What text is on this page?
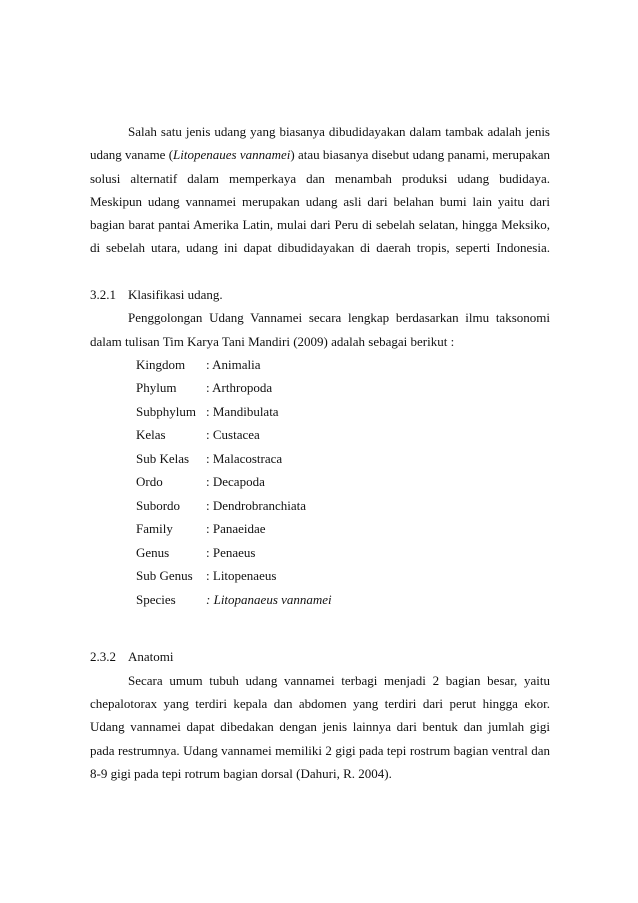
Salah satu jenis udang yang biasanya dibudidayakan dalam tambak adalah jenis
udang vaname (Litopenaues vannamei) atau biasanya disebut udang panami, merupakan
solusi alternatif dalam memperkaya dan menambah produksi udang budidaya.
Meskipun udang vannamei merupakan udang asli dari belahan bumi lain yaitu dari
bagian barat pantai Amerika Latin, mulai dari Peru di sebelah selatan, hingga Meksiko,
di sebelah utara, udang ini dapat dibudidayakan di daerah tropis, seperti Indonesia.

3.2.1 Klasifikasi udang.

Penggolongan Udang Vannamei secara lengkap berdasarkan ilmu taksonomi
dalam tulisan Tim Karya Tani Mandiri (2009) adalah sebagai berikut :
Kingdom : Animalia
Phylum	: Arthropoda
Subphylum : Mandibulata
Kelas	: Custacea
Sub Kelas : Malacostraca
Ordo	: Decapoda
Subordo	: Dendrobranchiata
Family	: Panaeidae
Genus	: Penaeus
Sub Genus : Litopenaeus
Species	: Litopanaeus vannamei

2.3.2 Anatomi

Secara umum tubuh udang vannamei terbagi menjadi 2 bagian besar, yaitu
chepalotorax yang terdiri kepala dan abdomen yang terdiri dari perut hingga ekor.
Udang vannamei dapat dibedakan dengan jenis lainnya dari bentuk dan jumlah gigi
pada restrumnya. Udang vannamei memiliki 2 gigi pada tepi rostrum bagian ventral dan
8-9 gigi pada tepi rotrum bagian dorsal (Dahuri, R. 2004).
